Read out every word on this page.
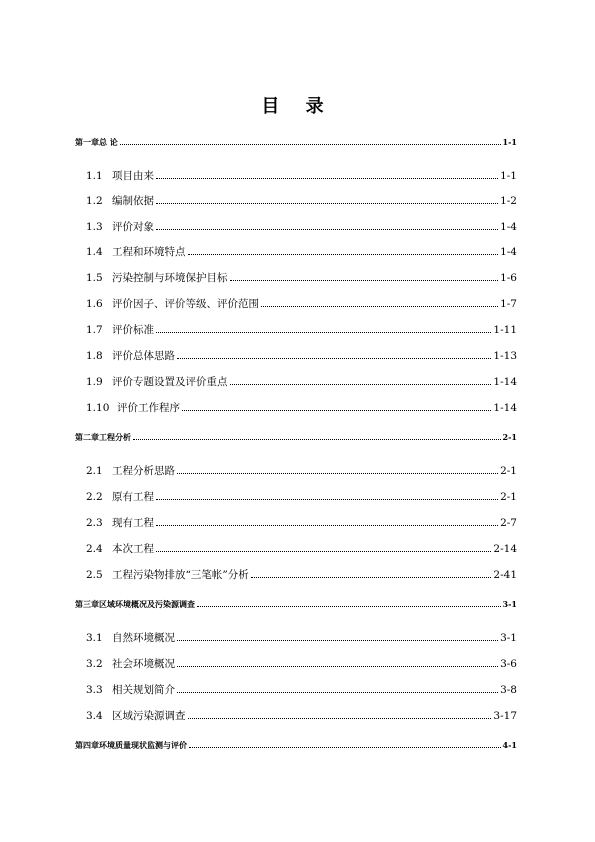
目 录
第一章总 论	1-1
1.1 项目由来	1-1
1.2 编制依据	1-2
1.3 评价对象	1-4
1.4 工程和环境特点	1-4
1.5 污染控制与环境保护目标	1-6
1.6 评价因子、评价等级、评价范围	1-7
1.7 评价标准	1-11
1.8 评价总体思路	1-13
1.9 评价专题设置及评价重点	1-14
1.10 评价工作程序	1-14
第二章工程分析	2-1
2.1 工程分析思路	2-1
2.2 原有工程	2-1
2.3 现有工程	2-7
2.4 本次工程	2-14
2.5 工程污染物排放“三笔帐”分析	2-41
第三章区域环境概况及污染源调查	3-1
3.1 自然环境概况	3-1
3.2 社会环境概况	3-6
3.3 相关规划简介	3-8
3.4 区域污染源调查	3-17
第四章环境质量现状监测与评价	4-1
